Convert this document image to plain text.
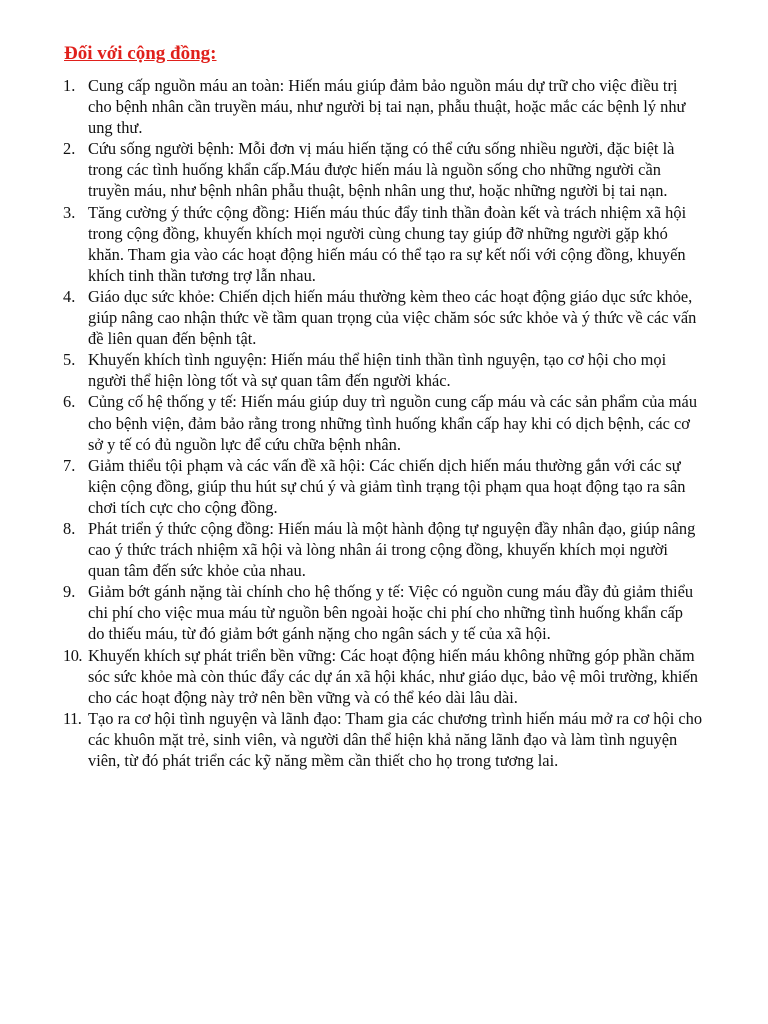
Đối với cộng đồng:
1. Cung cấp nguồn máu an toàn: Hiến máu giúp đảm bảo nguồn máu dự trữ cho việc điều trị cho bệnh nhân cần truyền máu, như người bị tai nạn, phẫu thuật, hoặc mắc các bệnh lý như ung thư.
2. Cứu sống người bệnh: Mỗi đơn vị máu hiến tặng có thể cứu sống nhiều người, đặc biệt là trong các tình huống khẩn cấp.Máu được hiến máu là nguồn sống cho những người cần truyền máu, như bệnh nhân phẫu thuật, bệnh nhân ung thư, hoặc những người bị tai nạn.
3. Tăng cường ý thức cộng đồng: Hiến máu thúc đẩy tinh thần đoàn kết và trách nhiệm xã hội trong cộng đồng, khuyến khích mọi người cùng chung tay giúp đỡ những người gặp khó khăn. Tham gia vào các hoạt động hiến máu có thể tạo ra sự kết nối với cộng đồng, khuyến khích tinh thần tương trợ lẫn nhau.
4. Giáo dục sức khỏe: Chiến dịch hiến máu thường kèm theo các hoạt động giáo dục sức khỏe, giúp nâng cao nhận thức về tầm quan trọng của việc chăm sóc sức khỏe và ý thức về các vấn đề liên quan đến bệnh tật.
5. Khuyến khích tình nguyện: Hiến máu thể hiện tinh thần tình nguyện, tạo cơ hội cho mọi người thể hiện lòng tốt và sự quan tâm đến người khác.
6. Củng cố hệ thống y tế: Hiến máu giúp duy trì nguồn cung cấp máu và các sản phẩm của máu cho bệnh viện, đảm bảo rằng trong những tình huống khẩn cấp hay khi có dịch bệnh, các cơ sở y tế có đủ nguồn lực để cứu chữa bệnh nhân.
7. Giảm thiểu tội phạm và các vấn đề xã hội: Các chiến dịch hiến máu thường gắn với các sự kiện cộng đồng, giúp thu hút sự chú ý và giảm tình trạng tội phạm qua hoạt động tạo ra sân chơi tích cực cho cộng đồng.
8. Phát triển ý thức cộng đồng: Hiến máu là một hành động tự nguyện đầy nhân đạo, giúp nâng cao ý thức trách nhiệm xã hội và lòng nhân ái trong cộng đồng, khuyến khích mọi người quan tâm đến sức khỏe của nhau.
9. Giảm bớt gánh nặng tài chính cho hệ thống y tế: Việc có nguồn cung máu đầy đủ giảm thiểu chi phí cho việc mua máu từ nguồn bên ngoài hoặc chi phí cho những tình huống khẩn cấp do thiếu máu, từ đó giảm bớt gánh nặng cho ngân sách y tế của xã hội.
10. Khuyến khích sự phát triển bền vững: Các hoạt động hiến máu không những góp phần chăm sóc sức khỏe mà còn thúc đẩy các dự án xã hội khác, như giáo dục, bảo vệ môi trường, khiến cho các hoạt động này trở nên bền vững và có thể kéo dài lâu dài.
11. Tạo ra cơ hội tình nguyện và lãnh đạo: Tham gia các chương trình hiến máu mở ra cơ hội cho các khuôn mặt trẻ, sinh viên, và người dân thể hiện khả năng lãnh đạo và làm tình nguyện viên, từ đó phát triển các kỹ năng mềm cần thiết cho họ trong tương lai.
